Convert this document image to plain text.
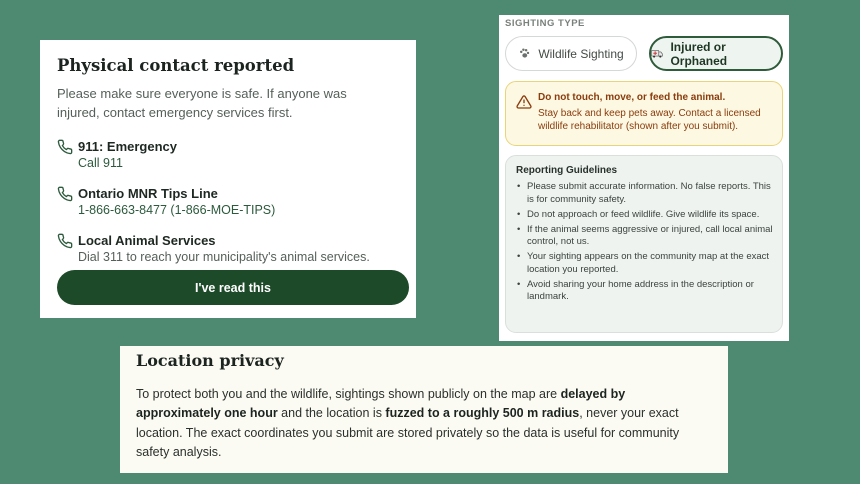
Physical contact reported
Please make sure everyone is safe. If anyone was injured, contact emergency services first.
911: Emergency
Call 911
Ontario MNR Tips Line
1-866-663-8477 (1-866-MOE-TIPS)
Local Animal Services
Dial 311 to reach your municipality's animal services.
I've read this
SIGHTING TYPE
Wildlife Sighting	Injured or Orphaned
Do not touch, move, or feed the animal.
Stay back and keep pets away. Contact a licensed wildlife rehabilitator (shown after you submit).
Reporting Guidelines
• Please submit accurate information. No false reports. This is for community safety.
• Do not approach or feed wildlife. Give wildlife its space.
• If the animal seems aggressive or injured, call local animal control, not us.
• Your sighting appears on the community map at the exact location you reported.
• Avoid sharing your home address in the description or landmark.
Location privacy

To protect both you and the wildlife, sightings shown publicly on the map are delayed by approximately one hour and the location is fuzzed to a roughly 500 m radius, never your exact location. The exact coordinates you submit are stored privately so the data is useful for community safety analysis.
